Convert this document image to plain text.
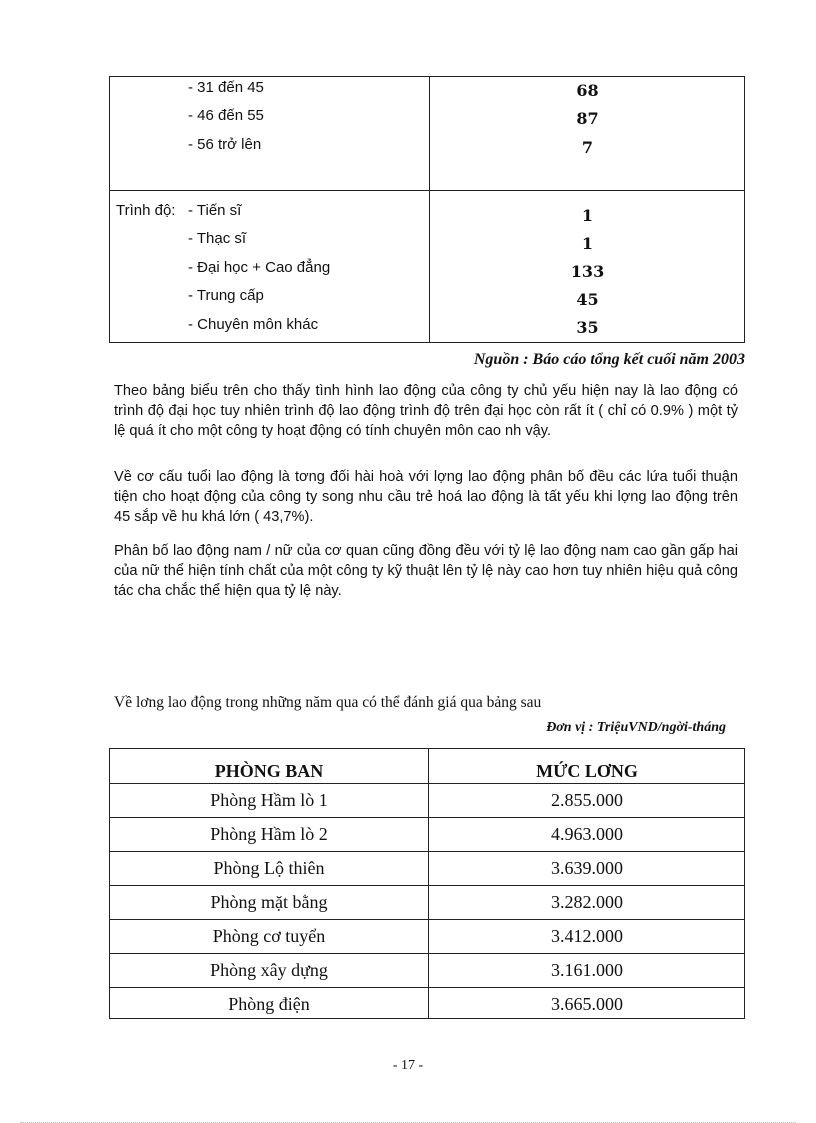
- 31 đến 45	68
- 46 đến 55	87
- 56 trở lên	7
Trình độ: - Tiến sĩ	1
- Thạc sĩ	1
- Đại học + Cao đẳng	133
- Trung cấp	45
- Chuyên môn khác	35
Nguồn : Báo cáo tổng kết cuối năm 2003

Theo bảng biểu trên cho thấy tình hình lao động của công ty chủ yếu hiện nay là lao động có trình độ đại học tuy nhiên trình độ lao động trình độ trên đại học còn rất ít ( chỉ có 0.9% ) một tỷ lệ quá ít cho một công ty hoạt động có tính chuyên môn cao nh vậy.

Về cơ cấu tuổi lao động là tơng đối hài hoà với lợng lao động phân bố đều các lứa tuổi thuận tiện cho hoạt động của công ty song nhu cầu trẻ hoá lao động là tất yếu khi lợng lao động trên 45 sắp về hu khá lớn ( 43,7%).

Phân bố lao động nam / nữ của cơ quan cũng đồng đều với tỷ lệ lao động nam cao gần gấp hai của nữ thể hiện tính chất của một công ty kỹ thuật lên tỷ lệ này cao hơn tuy nhiên hiệu quả công tác cha chắc thể hiện qua tỷ lệ này.

Về lơng lao động trong những năm qua có thể đánh giá qua bảng sau
Đơn vị : TriệuVND/ngời-tháng
PHÒNG BAN	MỨC LƠNG
Phòng Hầm lò 1	2.855.000
Phòng Hầm lò 2	4.963.000
Phòng Lộ thiên	3.639.000
Phòng mặt bằng	3.282.000
Phòng cơ tuyển	3.412.000
Phòng xây dựng	3.161.000
Phòng điện	3.665.000
- 17 -
